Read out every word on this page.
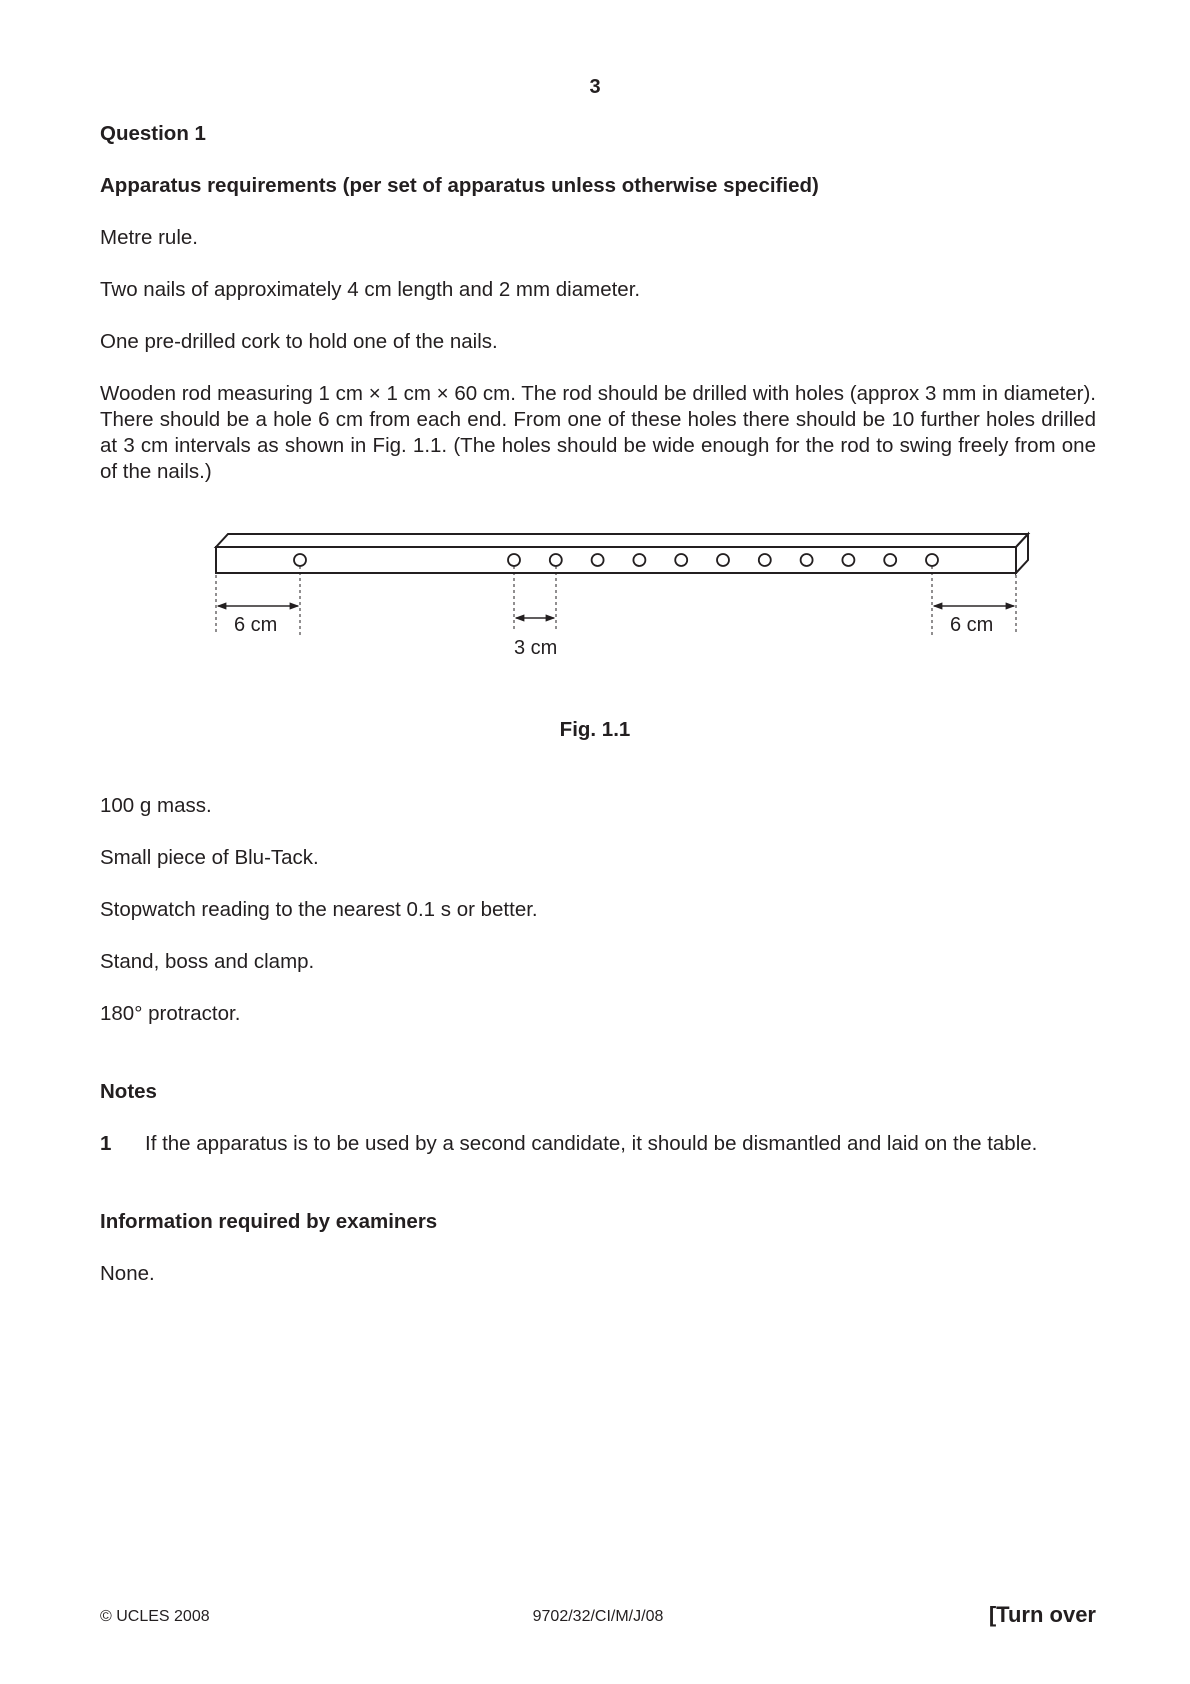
3

Question 1

Apparatus requirements (per set of apparatus unless otherwise specified)

Metre rule.

Two nails of approximately 4 cm length and 2 mm diameter.

One pre-drilled cork to hold one of the nails.

Wooden rod measuring 1 cm × 1 cm × 60 cm. The rod should be drilled with holes (approx 3 mm in diameter). There should be a hole 6 cm from each end. From one of these holes there should be 10 further holes drilled at 3 cm intervals as shown in Fig. 1.1. (The holes should be wide enough for the rod to swing freely from one of the nails.)

6 cm
3 cm
6 cm
Fig. 1.1

100 g mass.

Small piece of Blu-Tack.

Stopwatch reading to the nearest 0.1 s or better.

Stand, boss and clamp.

180° protractor.

Notes

1	If the apparatus is to be used by a second candidate, it should be dismantled and laid on the table.

Information required by examiners

None.

© UCLES 2008	9702/32/CI/M/J/08	[Turn over
